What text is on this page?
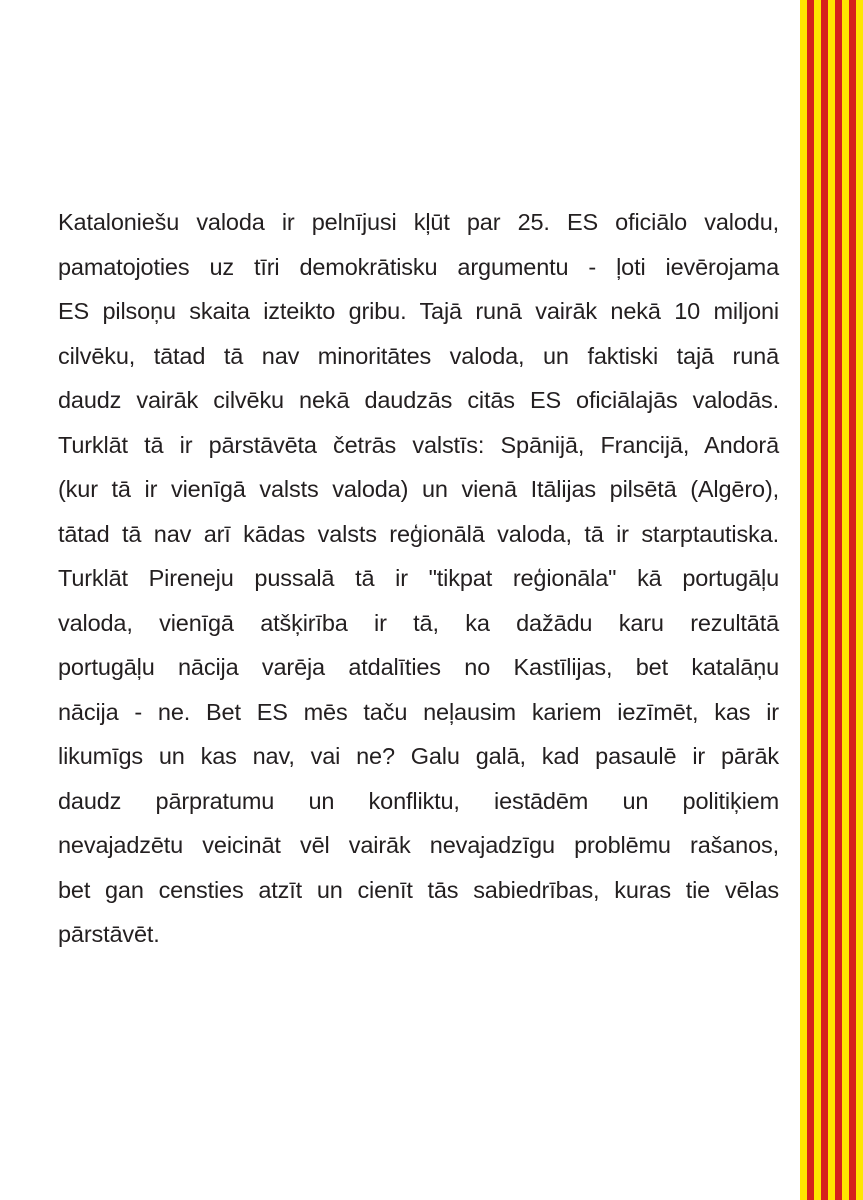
Kataloniešu valoda ir pelnījusi kļūt par 25. ES oficiālo valodu,
pamatojoties uz tīri demokrātisku argumentu - ļoti ievērojama
ES pilsoņu skaita izteikto gribu. Tajā runā vairāk nekā 10 miljoni
cilvēku, tātad tā nav minoritātes valoda, un faktiski tajā runā
daudz vairāk cilvēku nekā daudzās citās ES oficiālajās valodās.
Turklāt tā ir pārstāvēta četrās valstīs: Spānijā, Francijā, Andorā
(kur tā ir vienīgā valsts valoda) un vienā Itālijas pilsētā (Algēro),
tātad tā nav arī kādas valsts reģionālā valoda, tā ir starptautiska.
Turklāt Pireneju pussalā tā ir "tikpat reģionāla" kā portugāļu
valoda, vienīgā atšķirība ir tā, ka dažādu karu rezultātā
portugāļu nācija varēja atdalīties no Kastīlijas, bet katalāņu
nācija - ne. Bet ES mēs taču neļausim kariem iezīmēt, kas ir
likumīgs un kas nav, vai ne? Galu galā, kad pasaulē ir pārāk
daudz pārpratumu un konfliktu, iestādēm un politiķiem
nevajadzētu veicināt vēl vairāk nevajadzīgu problēmu rašanos,
bet gan censties atzīt un cienīt tās sabiedrības, kuras tie vēlas
pārstāvēt.
